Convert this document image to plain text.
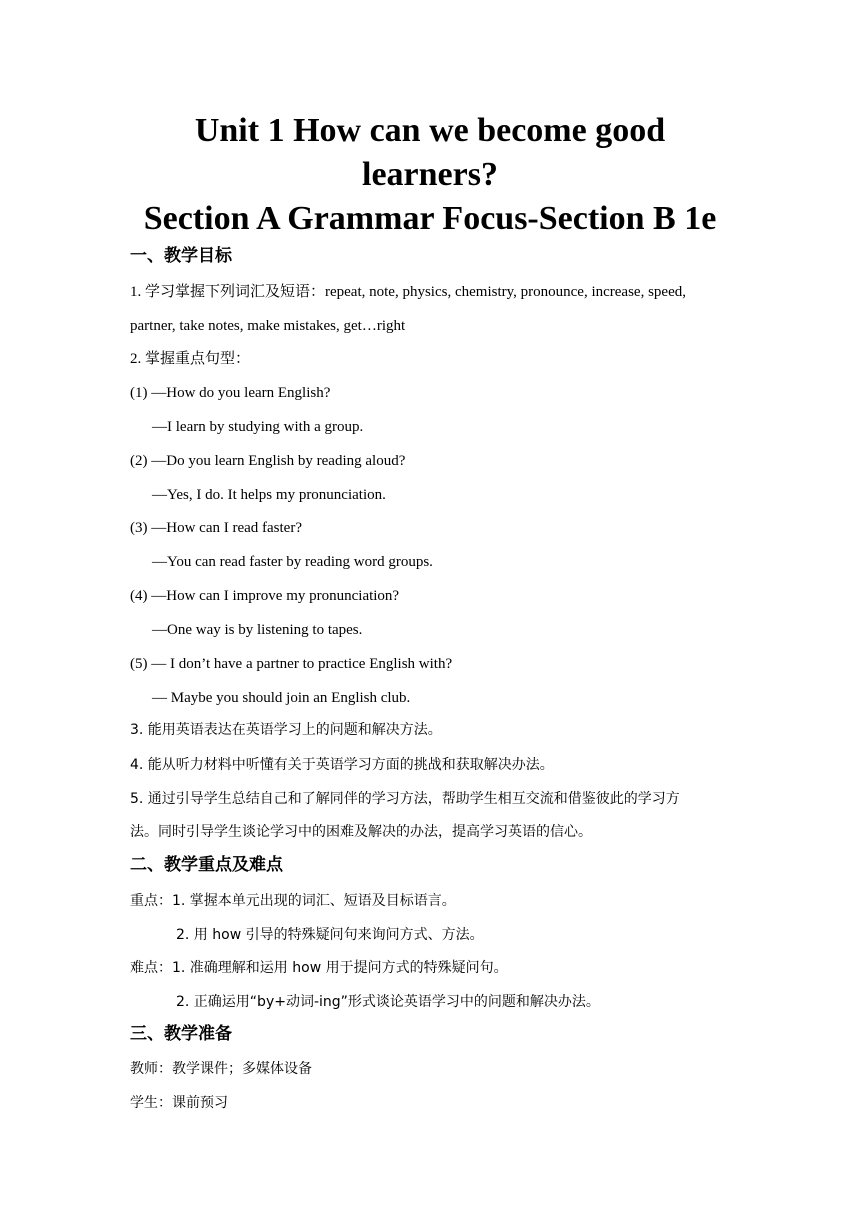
Unit 1 How can we become good
learners?
Section A Grammar Focus-Section B 1e
一、教学目标
1. 学习掌握下列词汇及短语：repeat, note, physics, chemistry, pronounce, increase, speed,
partner, take notes, make mistakes, get…right
2. 掌握重点句型：
(1) —How do you learn English?
—I learn by studying with a group.
(2) —Do you learn English by reading aloud?
—Yes, I do. It helps my pronunciation.
(3) —How can I read faster?
—You can read faster by reading word groups.
(4) —How can I improve my pronunciation?
—One way is by listening to tapes.
(5) — I don’t have a partner to practice English with?
— Maybe you should join an English club.
3. 能用英语表达在英语学习上的问题和解决方法。
4. 能从听力材料中听懂有关于英语学习方面的挑战和获取解决办法。
5. 通过引导学生总结自己和了解同伴的学习方法，帮助学生相互交流和借鉴彼此的学习方
法。同时引导学生谈论学习中的困难及解决的办法，提高学习英语的信心。
二、教学重点及难点
重点：1. 掌握本单元出现的词汇、短语及目标语言。
2. 用 how 引导的特殊疑问句来询问方式、方法。
难点：1. 准确理解和运用 how 用于提问方式的特殊疑问句。
2. 正确运用“by+动词-ing”形式谈论英语学习中的问题和解决办法。
三、教学准备
教师：教学课件；多媒体设备
学生：课前预习
